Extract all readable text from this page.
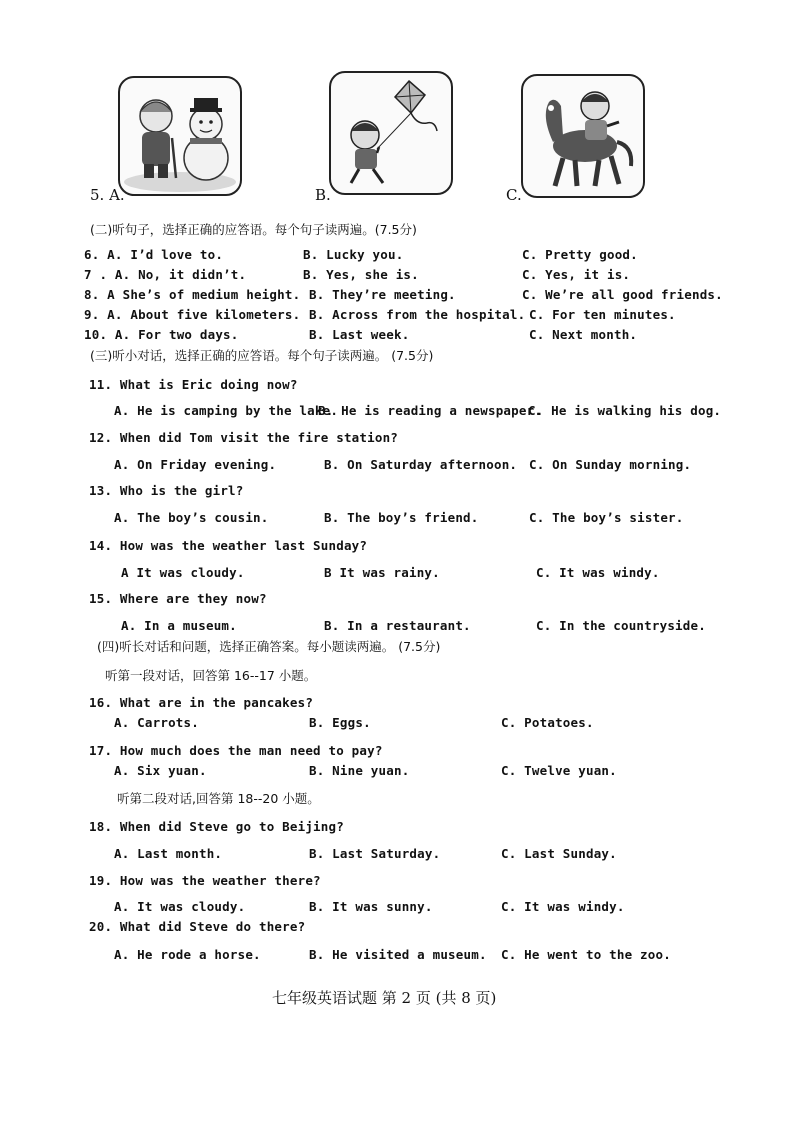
5. A.	B.	C.
(二)听句子，选择正确的应答语。每个句子读两遍。(7.5分)
6. A. I’d love to.	B. Lucky you.	C. Pretty good.
7 . A. No, it didn’t.	B. Yes, she is.	C. Yes, it is.
8. A She’s of medium height. B. They’re meeting.	C. We’re all good friends.
9. A. About five kilometers. B. Across from the hospital. C. For ten minutes.
10. A. For two days.	B. Last week.	C. Next month.
(三)听小对话，选择正确的应答语。每个句子读两遍。 (7.5分)
11. What is Eric doing now?
A. He is camping by the lake.
B. He is reading a newspaper.
C. He is walking his dog.
12. When did Tom visit the fire station?
A. On Friday evening.	B. On Saturday afternoon. C. On Sunday morning.
13. Who is the girl?
A. The boy’s cousin.	B. The boy’s friend.	C. The boy’s sister.
14. How was the weather last Sunday?
A It was cloudy.	B It was rainy.	C. It was windy.
15. Where are they now?
A. In a museum.	B. In a restaurant.	C. In the countryside.
(四)听长对话和问题，选择正确答案。每小题读两遍。 (7.5分)
听第一段对话，回答第 16--17 小题。
16. What are in the pancakes?
A. Carrots.	B. Eggs.	C. Potatoes.
17. How much does the man need to pay?
A. Six yuan.	B. Nine yuan.	C. Twelve yuan.
听第二段对话,回答第 18--20 小题。
18. When did Steve go to Beijing?
A. Last month.	B. Last Saturday.	C. Last Sunday.
19. How was the weather there?
A. It was cloudy.	B. It was sunny.	C. It was windy.
20. What did Steve do there?
A. He rode a horse.	B. He visited a museum. C. He went to the zoo.
七年级英语试题 第 2 页 (共 8 页)
